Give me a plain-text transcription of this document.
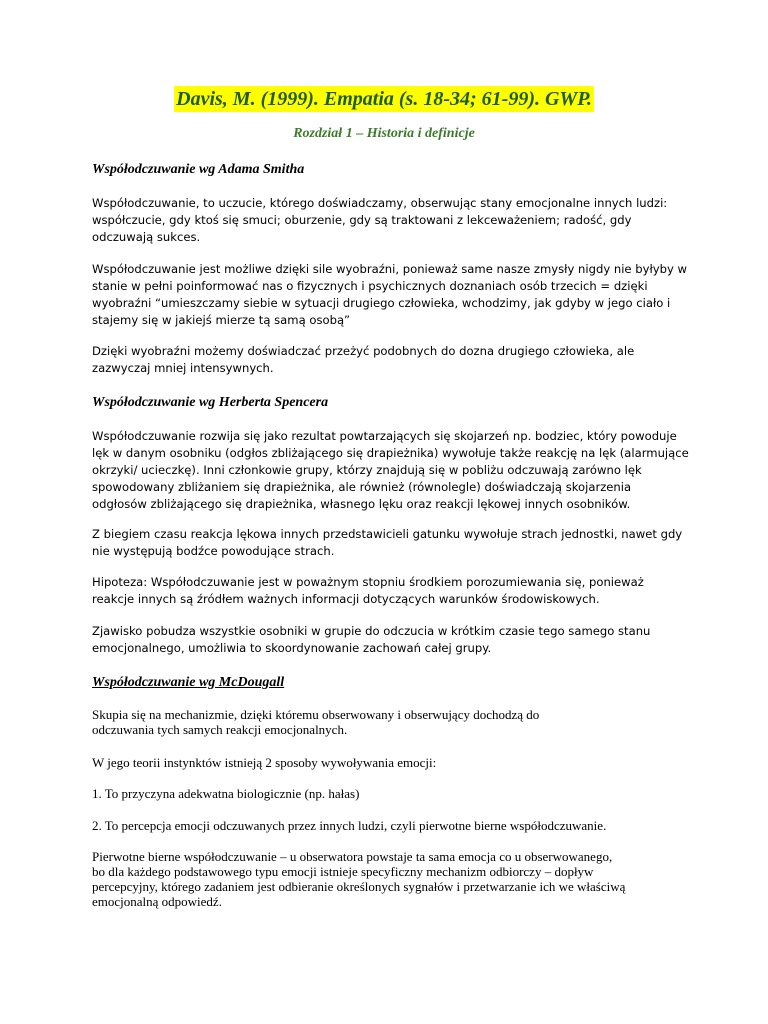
Davis, M. (1999). Empatia (s. 18-34; 61-99). GWP.
Rozdział 1 – Historia i definicje
Współodczuwanie wg Adama Smitha
Współodczuwanie, to uczucie, którego doświadczamy, obserwując stany emocjonalne innych ludzi:
współczucie, gdy ktoś się smuci; oburzenie, gdy są traktowani z lekceważeniem; radość, gdy
odczuwają sukces.
Współodczuwanie jest możliwe dzięki sile wyobraźni, ponieważ same nasze zmysły nigdy nie byłyby w
stanie w pełni poinformować nas o fizycznych i psychicznych doznaniach osób trzecich = dzięki
wyobraźni “umieszczamy siebie w sytuacji drugiego człowieka, wchodzimy, jak gdyby w jego ciało i
stajemy się w jakiejś mierze tą samą osobą”
Dzięki wyobraźni możemy doświadczać przeżyć podobnych do dozna drugiego człowieka, ale
zazwyczaj mniej intensywnych.
Współodczuwanie wg Herberta Spencera
Współodczuwanie rozwija się jako rezultat powtarzających się skojarzeń np. bodziec, który powoduje
lęk w danym osobniku (odgłos zbliżającego się drapieżnika) wywołuje także reakcję na lęk (alarmujące
okrzyki/ ucieczkę). Inni członkowie grupy, którzy znajdują się w pobliżu odczuwają zarówno lęk
spowodowany zbliżaniem się drapieżnika, ale również (równolegle) doświadczają skojarzenia
odgłosów zbliżającego się drapieżnika, własnego lęku oraz reakcji lękowej innych osobników.
Z biegiem czasu reakcja lękowa innych przedstawicieli gatunku wywołuje strach jednostki, nawet gdy
nie występują bodźce powodujące strach.
Hipoteza: Współodczuwanie jest w poważnym stopniu środkiem porozumiewania się, ponieważ
reakcje innych są źródłem ważnych informacji dotyczących warunków środowiskowych.
Zjawisko pobudza wszystkie osobniki w grupie do odczucia w krótkim czasie tego samego stanu
emocjonalnego, umożliwia to skoordynowanie zachowań całej grupy.
Współodczuwanie wg McDougall
Skupia się na mechanizmie, dzięki któremu obserwowany i obserwujący dochodzą do
odczuwania tych samych reakcji emocjonalnych.
W jego teorii instynktów istnieją 2 sposoby wywoływania emocji:
1. To przyczyna adekwatna biologicznie (np. hałas)
2. To percepcja emocji odczuwanych przez innych ludzi, czyli pierwotne bierne współodczuwanie.
Pierwotne bierne współodczuwanie – u obserwatora powstaje ta sama emocja co u obserwowanego,
bo dla każdego podstawowego typu emocji istnieje specyficzny mechanizm odbiorczy – dopływ
percepcyjny, którego zadaniem jest odbieranie określonych sygnałów i przetwarzanie ich we właściwą
emocjonalną odpowiedź.
